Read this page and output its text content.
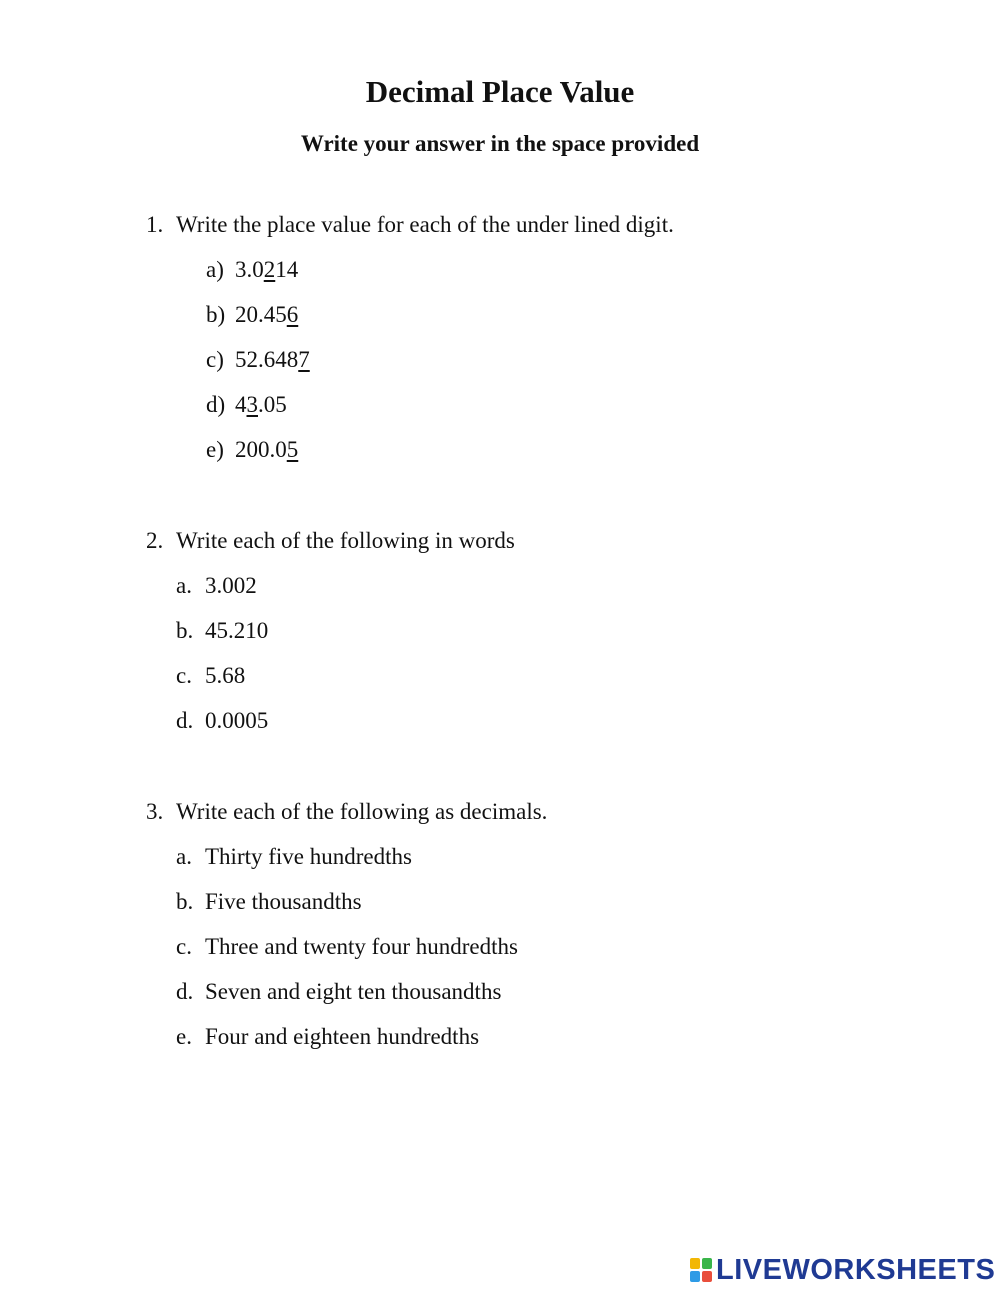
Decimal Place Value
Write your answer in the space provided
1. Write the place value for each of the under lined digit.
a) 3.0214
b) 20.456
c) 52.6487
d) 43.05
e) 200.05
2. Write each of the following in words
a. 3.002
b. 45.210
c. 5.68
d. 0.0005
3. Write each of the following as decimals.
a. Thirty five hundredths
b. Five thousandths
c. Three and twenty four hundredths
d. Seven and eight ten thousandths
e. Four and eighteen hundredths
LIVEWORKSHEETS
